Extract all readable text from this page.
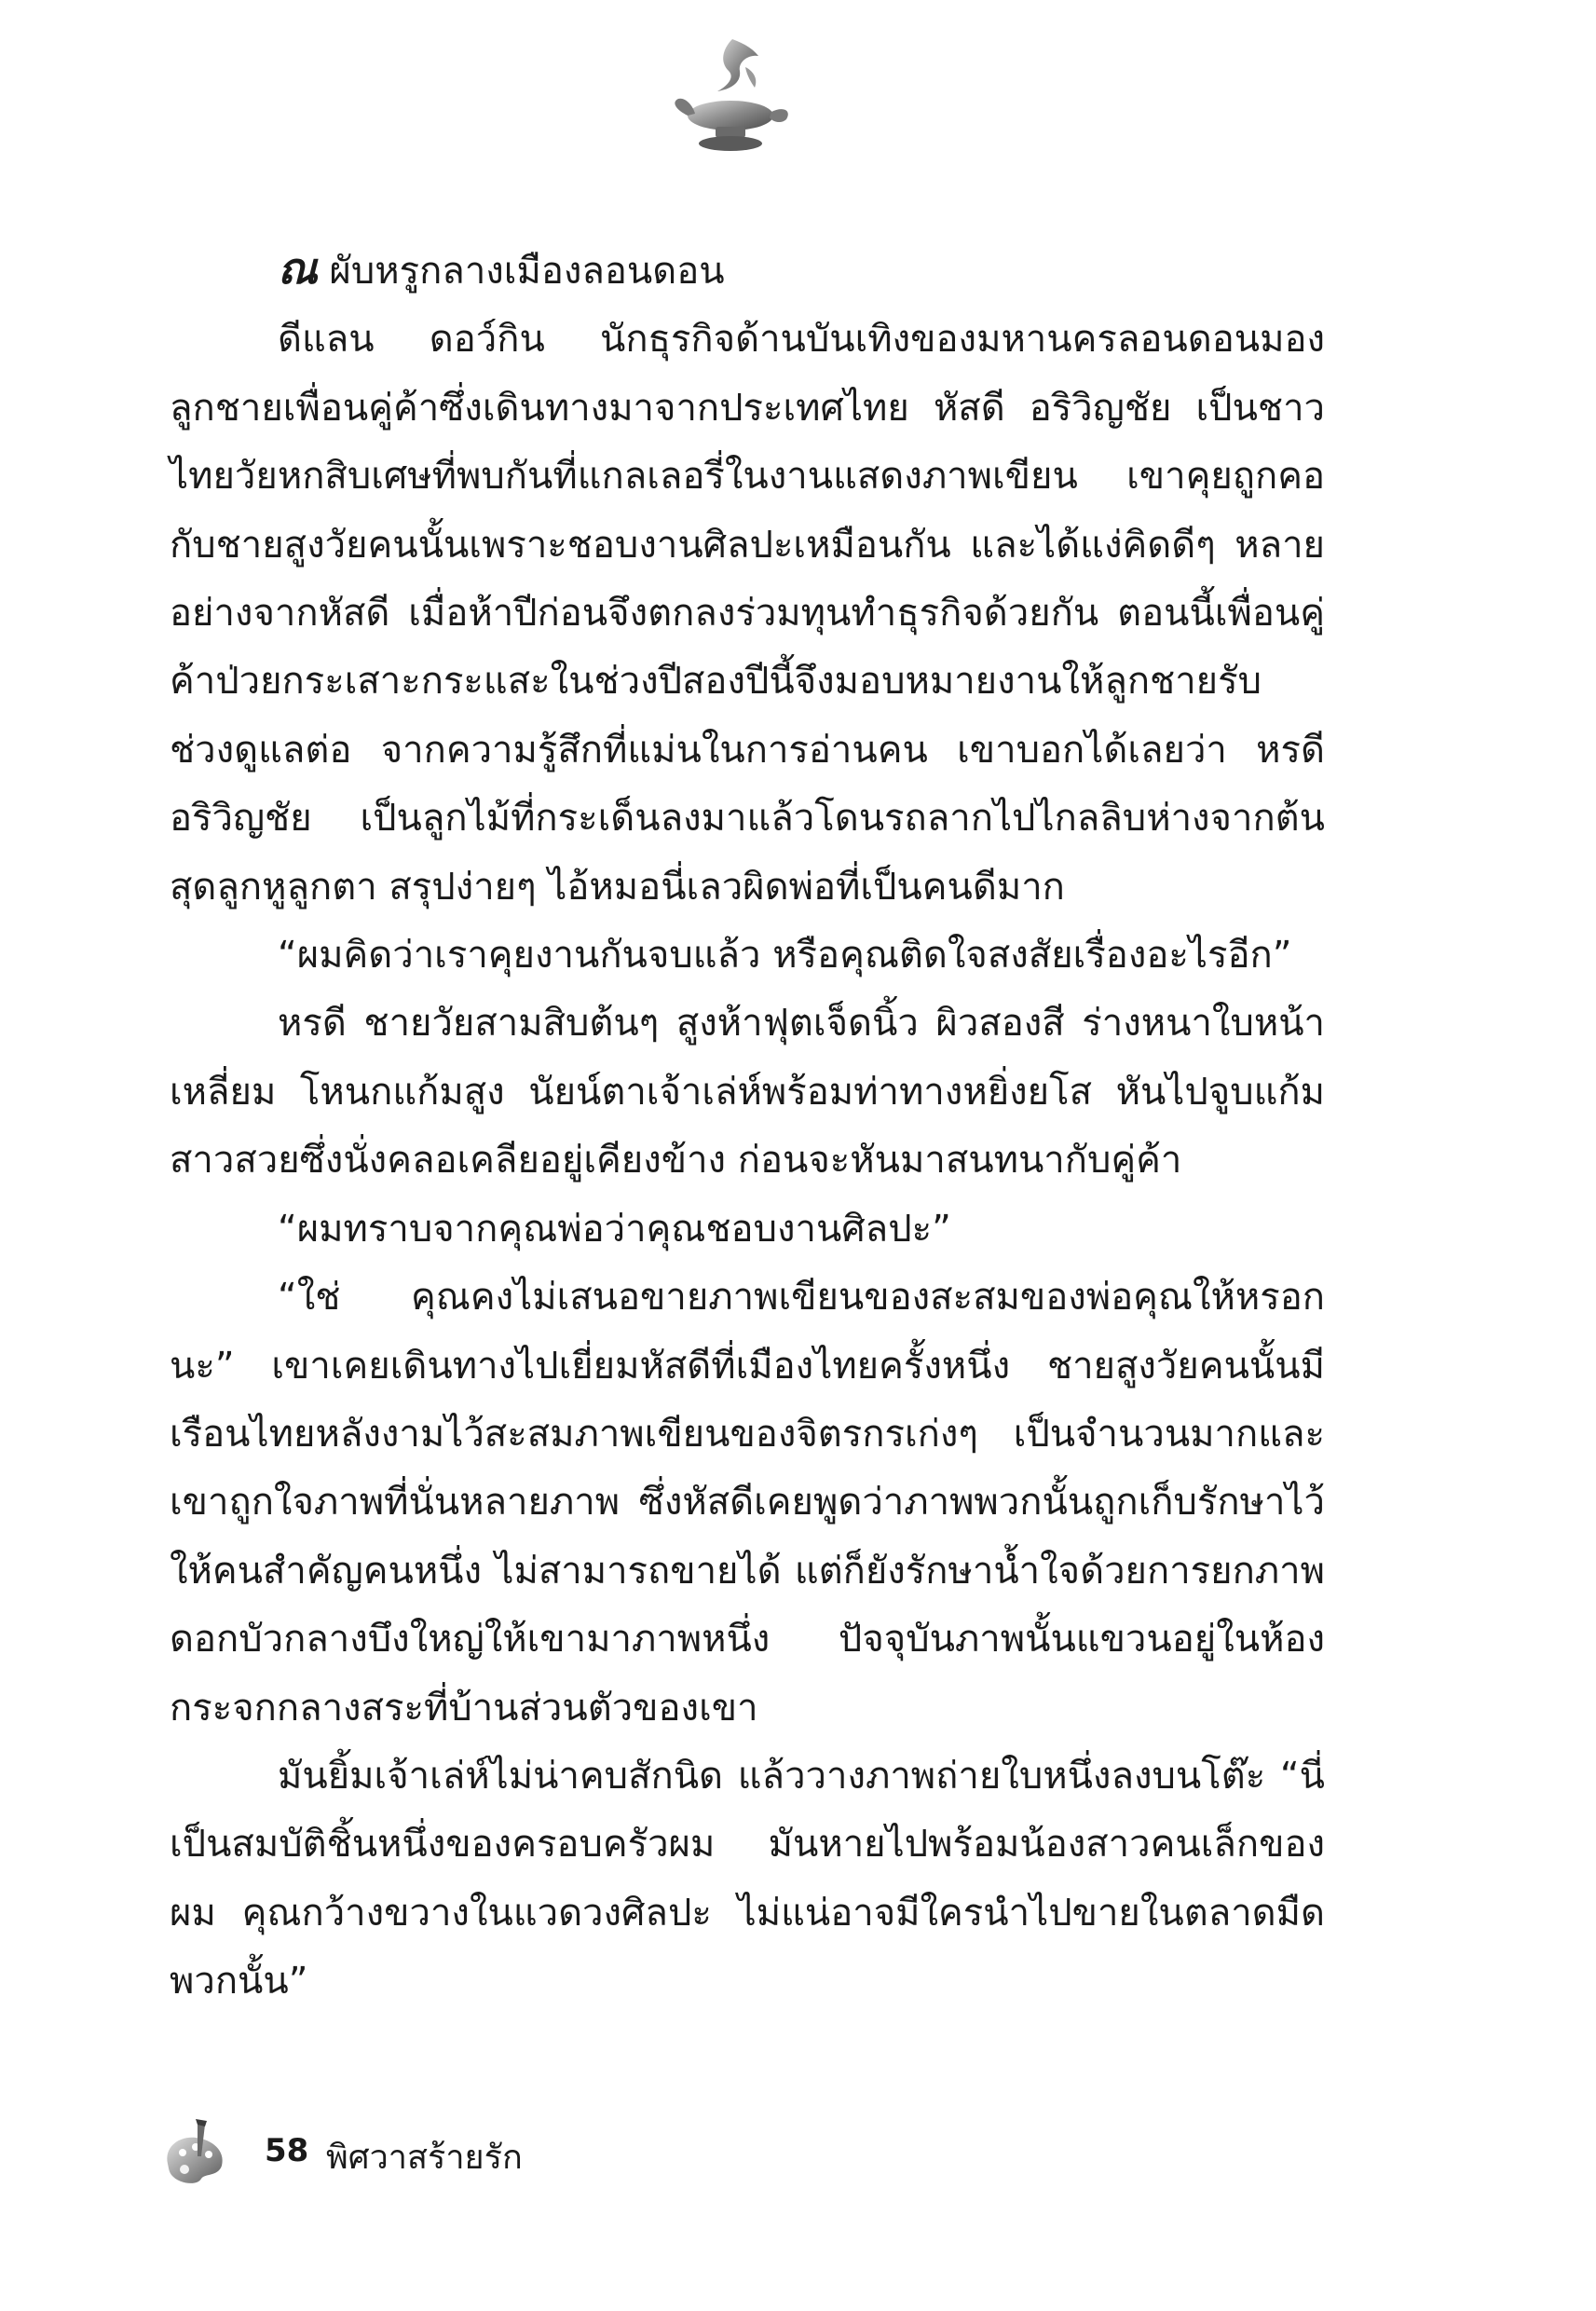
ณ ผับหรูกลางเมืองลอนดอน

ดีแลน ดอว์กิน นักธุรกิจด้านบันเทิงของมหานครลอนดอนมองลูกชายเพื่อนคู่ค้าซึ่งเดินทางมาจากประเทศไทย หัสดี อริวิญชัย เป็นชาวไทยวัยหกสิบเศษที่พบกันที่แกลเลอรี่ในงานแสดงภาพเขียน เขาคุยถูกคอกับชายสูงวัยคนนั้นเพราะชอบงานศิลปะเหมือนกัน และได้แง่คิดดีๆ หลายอย่างจากหัสดี เมื่อห้าปีก่อนจึงตกลงร่วมทุนทำธุรกิจด้วยกัน ตอนนี้เพื่อนคู่ค้าป่วยกระเสาะกระแสะในช่วงปีสองปีนี้จึงมอบหมายงานให้ลูกชายรับช่วงดูแลต่อ จากความรู้สึกที่แม่นในการอ่านคน เขาบอกได้เลยว่า หรดี อริวิญชัย เป็นลูกไม้ที่กระเด็นลงมาแล้วโดนรถลากไปไกลลิบห่างจากต้นสุดลูกหูลูกตา สรุปง่ายๆ ไอ้หมอนี่เลวผิดพ่อที่เป็นคนดีมาก

“ผมคิดว่าเราคุยงานกันจบแล้ว หรือคุณติดใจสงสัยเรื่องอะไรอีก”

หรดี ชายวัยสามสิบต้นๆ สูงห้าฟุตเจ็ดนิ้ว ผิวสองสี ร่างหนาใบหน้าเหลี่ยม โหนกแก้มสูง นัยน์ตาเจ้าเล่ห์พร้อมท่าทางหยิ่งยโส หันไปจูบแก้มสาวสวยซึ่งนั่งคลอเคลียอยู่เคียงข้าง ก่อนจะหันมาสนทนากับคู่ค้า

“ผมทราบจากคุณพ่อว่าคุณชอบงานศิลปะ”

“ใช่ คุณคงไม่เสนอขายภาพเขียนของสะสมของพ่อคุณให้หรอกนะ” เขาเคยเดินทางไปเยี่ยมหัสดีที่เมืองไทยครั้งหนึ่ง ชายสูงวัยคนนั้นมีเรือนไทยหลังงามไว้สะสมภาพเขียนของจิตรกรเก่งๆ เป็นจำนวนมากและเขาถูกใจภาพที่นั่นหลายภาพ ซึ่งหัสดีเคยพูดว่าภาพพวกนั้นถูกเก็บรักษาไว้ให้คนสำคัญคนหนึ่ง ไม่สามารถขายได้ แต่ก็ยังรักษาน้ำใจด้วยการยกภาพดอกบัวกลางบึงใหญ่ให้เขามาภาพหนึ่ง ปัจจุบันภาพนั้นแขวนอยู่ในห้องกระจกกลางสระที่บ้านส่วนตัวของเขา

มันยิ้มเจ้าเล่ห์ไม่น่าคบสักนิด แล้ววางภาพถ่ายใบหนึ่งลงบนโต๊ะ “นี่เป็นสมบัติชิ้นหนึ่งของครอบครัวผม มันหายไปพร้อมน้องสาวคนเล็กของผม คุณกว้างขวางในแวดวงศิลปะ ไม่แน่อาจมีใครนำไปขายในตลาดมืดพวกนั้น”

58 พิศวาสร้ายรัก
